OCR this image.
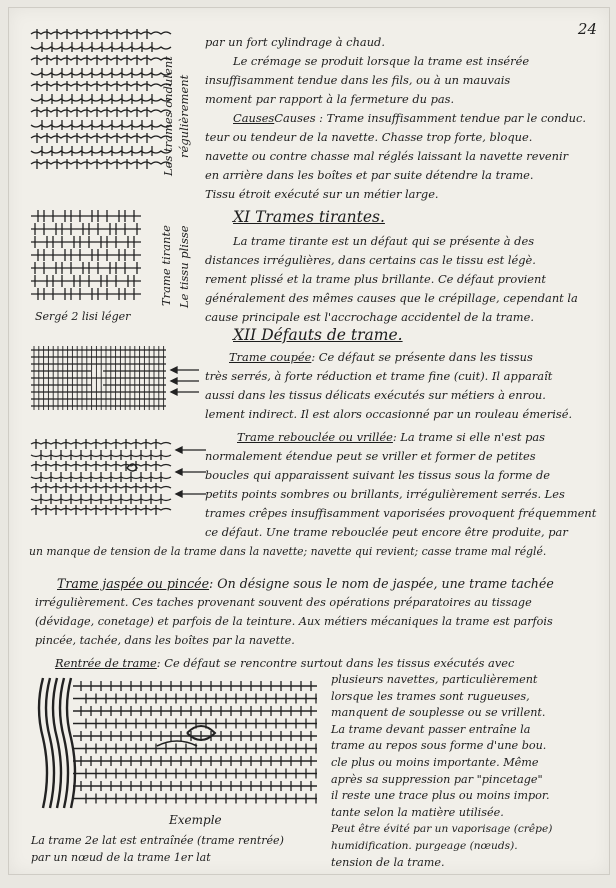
24
Les trames ondulent régulièrement
par un fort cylindrage à chaud.
Le crémage se produit lorsque la trame est insérée
insuffisamment tendue dans les fils, ou à un mauvais
moment par rapport à la fermeture du pas.
CausesCauses : Trame insuffisamment tendue par le conduc.
teur ou tendeur de la navette. Chasse trop forte, bloque.
navette ou contre chasse mal réglés laissant la navette revenir
en arrière dans les boîtes et par suite détendre la trame.
Tissu étroit exécuté sur un métier large.
Trame tirante Le tissu plisse
Sergé 2 lisi léger
XI Trames tirantes.
La trame tirante est un défaut qui se présente à des
distances irrégulières, dans certains cas le tissu est légè.
rement plissé et la trame plus brillante. Ce défaut provient
généralement des mêmes causes que le crépillage, cependant la
cause principale est l'accrochage accidentel de la trame.
XII Défauts de trame.
Trame coupée: Ce défaut se présente dans les tissus
très serrés, à forte réduction et trame fine (cuit). Il apparaît
aussi dans les tissus délicats exécutés sur métiers à enrou.
lement indirect. Il est alors occasionné par un rouleau émerisé.
Trame rebouclée ou vrillée: La trame si elle n'est pas
normalement étendue peut se vriller et former de petites
boucles qui apparaissent suivant les tissus sous la forme de
petits points sombres ou brillants, irrégulièrement serrés. Les
trames crêpes insuffisamment vaporisées provoquent fréquemment
ce défaut. Une trame rebouclée peut encore être produite, par
un manque de tension de la trame dans la navette; navette qui revient; casse trame mal réglé.
Trame jaspée ou pincée: On désigne sous le nom de jaspée, une trame tachée
irrégulièrement. Ces taches provenant souvent des opérations préparatoires au tissage
(dévidage, conetage) et parfois de la teinture. Aux métiers mécaniques la trame est parfois
pincée, tachée, dans les boîtes par la navette.
Rentrée de trame: Ce défaut se rencontre surtout dans les tissus exécutés avec
Exemple
La trame 2e lat est entraînée (trame rentrée)
par un nœud de la trame 1er lat
plusieurs navettes, particulièrement
lorsque les trames sont rugueuses,
manquent de souplesse ou se vrillent.
La trame devant passer entraîne la
trame au repos sous forme d'une bou.
cle plus ou moins importante. Même
après sa suppression par "pincetage"
il reste une trace plus ou moins impor.
tante selon la matière utilisée.
Peut être évité par un vaporisage (crêpe)
humidification. purgeage (nœuds).
tension de la trame.
